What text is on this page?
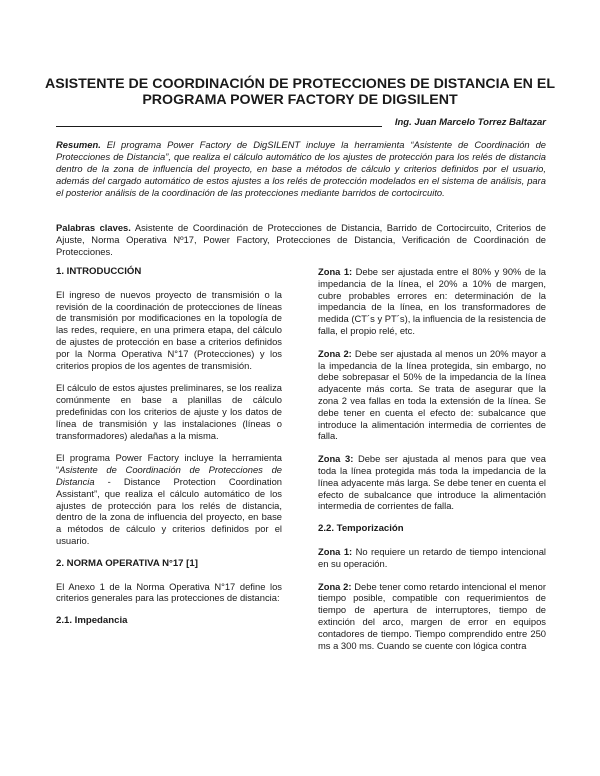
ASISTENTE DE COORDINACIÓN DE PROTECCIONES DE DISTANCIA EN EL PROGRAMA POWER FACTORY DE DIGSILENT
Ing. Juan Marcelo Torrez Baltazar

Resumen. El programa Power Factory de DigSILENT incluye la herramienta “Asistente de Coordinación de Protecciones de Distancia”, que realiza el cálculo automático de los ajustes de protección para los relés de distancia dentro de la zona de influencia del proyecto, en base a métodos de cálculo y criterios definidos por el usuario, además del cargado automático de estos ajustes a los relés de protección modelados en el sistema de análisis, para el posterior análisis de la coordinación de las protecciones mediante barridos de cortocircuito.

Palabras claves. Asistente de Coordinación de Protecciones de Distancia, Barrido de Cortocircuito, Criterios de Ajuste, Norma Operativa Nº17, Power Factory, Protecciones de Distancia, Verificación de Coordinación de Protecciones.

1. INTRODUCCIÓN

El ingreso de nuevos proyecto de transmisión o la revisión de la coordinación de protecciones de líneas de transmisión por modificaciones en la topología de las redes, requiere, en una primera etapa, del cálculo de ajustes de protección en base a criterios definidos por la Norma Operativa N°17 (Protecciones) y los criterios propios de los agentes de transmisión.

El cálculo de estos ajustes preliminares, se los realiza comúnmente en base a planillas de cálculo predefinidas con los criterios de ajuste y los datos de línea de transmisión y las instalaciones (líneas o transformadores) aledañas a la misma.

El programa Power Factory incluye la herramienta “Asistente de Coordinación de Protecciones de Distancia - Distance Protection Coordination Assistant”, que realiza el cálculo automático de los ajustes de protección para los relés de distancia, dentro de la zona de influencia del proyecto, en base a métodos de cálculo y criterios definidos por el usuario.

2. NORMA OPERATIVA N°17 [1]

El Anexo 1 de la Norma Operativa N°17 define los criterios generales para las protecciones de distancia:

2.1. Impedancia

Zona 1: Debe ser ajustada entre el 80% y 90% de la impedancia de la línea, el 20% a 10% de margen, cubre probables errores en: determinación de la impedancia de la línea, en los transformadores de medida (CT´s y PT´s), la influencia de la resistencia de falla, el propio relé, etc.

Zona 2: Debe ser ajustada al menos un 20% mayor a la impedancia de la línea protegida, sin embargo, no debe sobrepasar el 50% de la impedancia de la línea adyacente más corta. Se trata de asegurar que la zona 2 vea fallas en toda la extensión de la línea. Se debe tener en cuenta el efecto de: subalcance que introduce la alimentación intermedia de corrientes de falla.

Zona 3: Debe ser ajustada al menos para que vea toda la línea protegida más toda la impedancia de la línea adyacente más larga. Se debe tener en cuenta el efecto de subalcance que introduce la alimentación intermedia de corrientes de falla.

2.2. Temporización

Zona 1: No requiere un retardo de tiempo intencional en su operación.

Zona 2: Debe tener como retardo intencional el menor tiempo posible, compatible con requerimientos de tiempo de apertura de interruptores, tiempo de extinción del arco, margen de error en equipos contadores de tiempo. Tiempo comprendido entre 250 ms a 300 ms. Cuando se cuente con lógica contra
